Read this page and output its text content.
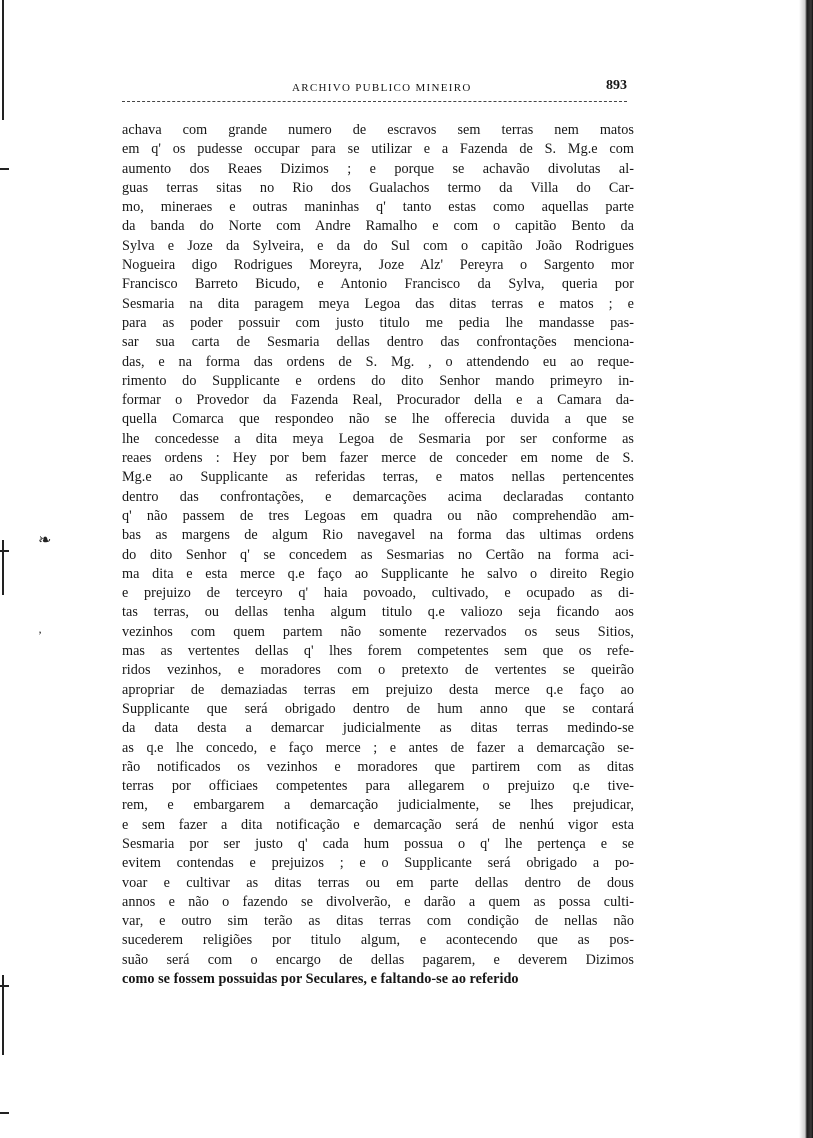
❧
’
ARCHIVO PUBLICO MINEIRO	893
achava com grande numero de escravos sem terras nem matos
em q' os pudesse occupar para se utilizar e a Fazenda de S. Mg.e com
aumento dos Reaes Dizimos ; e porque se achavão divolutas al-
guas terras sitas no Rio dos Gualachos termo da Villa do Car-
mo, mineraes e outras maninhas q' tanto estas como aquellas parte
da banda do Norte com Andre Ramalho e com o capitão Bento da
Sylva e Joze da Sylveira, e da do Sul com o capitão João Rodrigues
Nogueira digo Rodrigues Moreyra, Joze Alz' Pereyra o Sargento mor
Francisco Barreto Bicudo, e Antonio Francisco da Sylva, queria por
Sesmaria na dita paragem meya Legoa das ditas terras e matos ; e
para as poder possuir com justo titulo me pedia lhe mandasse pas-
sar sua carta de Sesmaria dellas dentro das confrontações menciona-
das, e na forma das ordens de S. Mg. , o attendendo eu ao reque-
rimento do Supplicante e ordens do dito Senhor mando primeyro in-
formar o Provedor da Fazenda Real, Procurador della e a Camara da-
quella Comarca que respondeo não se lhe offerecia duvida a que se
lhe concedesse a dita meya Legoa de Sesmaria por ser conforme as
reaes ordens : Hey por bem fazer merce de conceder em nome de S.
Mg.e ao Supplicante as referidas terras, e matos nellas pertencentes
dentro das confrontações, e demarcações acima declaradas contanto
q' não passem de tres Legoas em quadra ou não comprehendão am-
bas as margens de algum Rio navegavel na forma das ultimas ordens
do dito Senhor q' se concedem as Sesmarias no Certão na forma aci-
ma dita e esta merce q.e faço ao Supplicante he salvo o direito Regio
e prejuizo de terceyro q' haia povoado, cultivado, e ocupado as di-
tas terras, ou dellas tenha algum titulo q.e valiozo seja ficando aos
vezinhos com quem partem não somente rezervados os seus Sitios,
mas as vertentes dellas q' lhes forem competentes sem que os refe-
ridos vezinhos, e moradores com o pretexto de vertentes se queirão
apropriar de demaziadas terras em prejuizo desta merce q.e faço ao
Supplicante que será obrigado dentro de hum anno que se contará
da data desta a demarcar judicialmente as ditas terras medindo-se
as q.e lhe concedo, e faço merce ; e antes de fazer a demarcação se-
rão notificados os vezinhos e moradores que partirem com as ditas
terras por officiaes competentes para allegarem o prejuizo q.e tive-
rem, e embargarem a demarcação judicialmente, se lhes prejudicar,
e sem fazer a dita notificação e demarcação será de nenhú vigor esta
Sesmaria por ser justo q' cada hum possua o q' lhe pertença e se
evitem contendas e prejuizos ; e o Supplicante será obrigado a po-
voar e cultivar as ditas terras ou em parte dellas dentro de dous
annos e não o fazendo se divolverão, e darão a quem as possa culti-
var, e outro sim terão as ditas terras com condição de nellas não
sucederem religiões por titulo algum, e acontecendo que as pos-
suão será com o encargo de dellas pagarem, e deverem Dizimos
como se fossem possuidas por Seculares, e faltando-se ao referido
